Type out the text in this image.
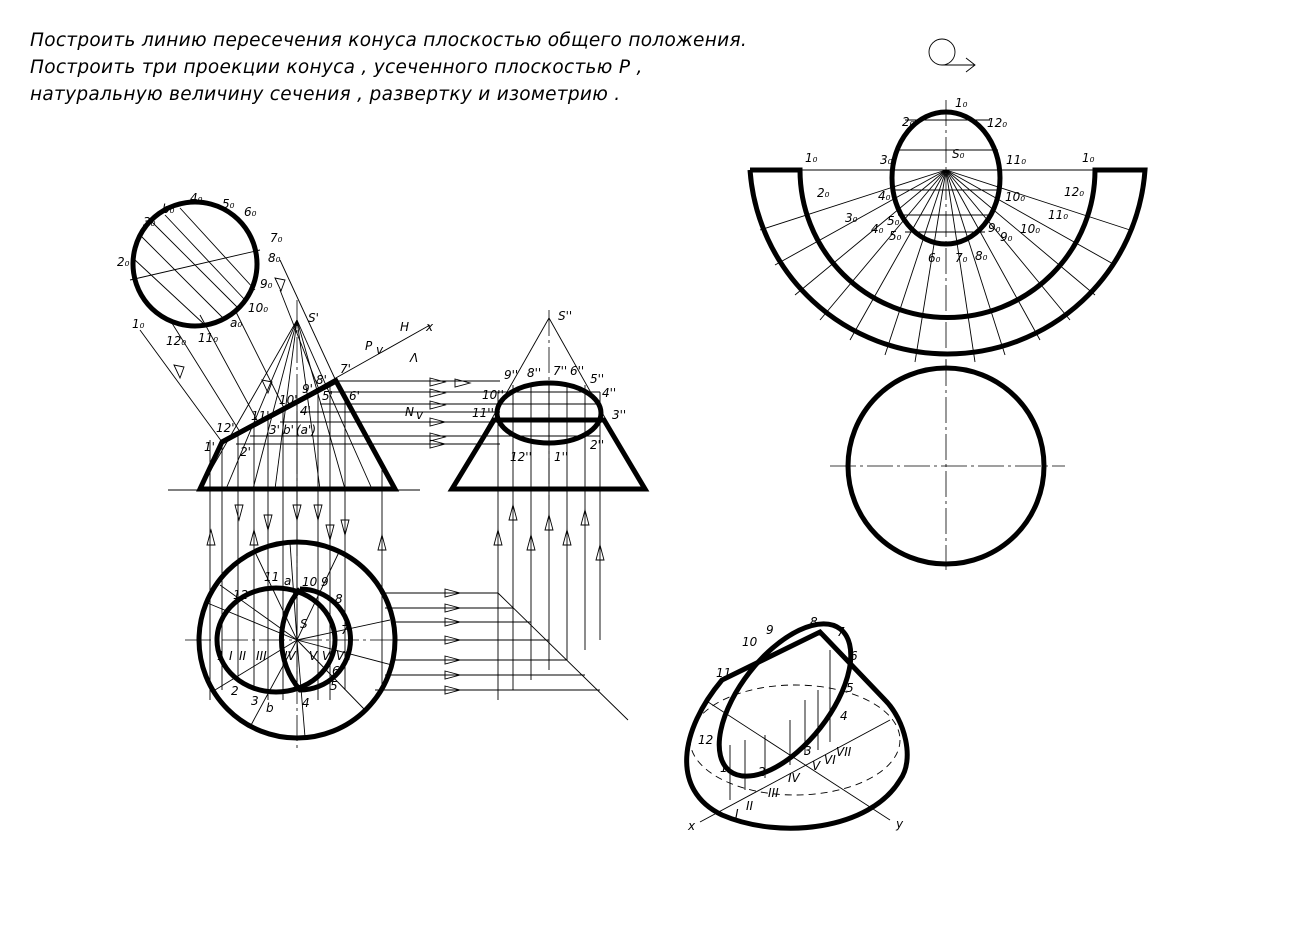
Построить линию пересечения конуса плоскостью общего положения.
Построить три проекции конуса , усеченного плоскостью P ,
натуральную величину сечения , развертку и изометрию .
S'
P v
H x
N v
Λ
1' 2'
3' b' (a')
4'
5' 6'
7'
8'
9'
10'
11'
12'
1₀
2₀
3₀
b₀
4₀ 5₀
6₀
7₀
8₀
9₀
10₀
a₀
11₀
12₀
S''
9'' 8'' 7'' 6''
5''
4''
3''
2''
1''
12''
11''
10''
S
11 a 10 9
12	8
1 I II III IV V VI VII
7
6
5
4
2
3 b
S₀
1₀
2₀
3₀
4₀
5₀
6₀ 7₀ 8₀
9₀ 10₀
11₀
12₀
1₀
2₀
3₀
4₀
5₀	9₀
10₀
11₀
12₀
1₀
x	y
1	2
3
4
5
6
7
8
9
10
11
12
I
II
III
IV
V VI
VII
